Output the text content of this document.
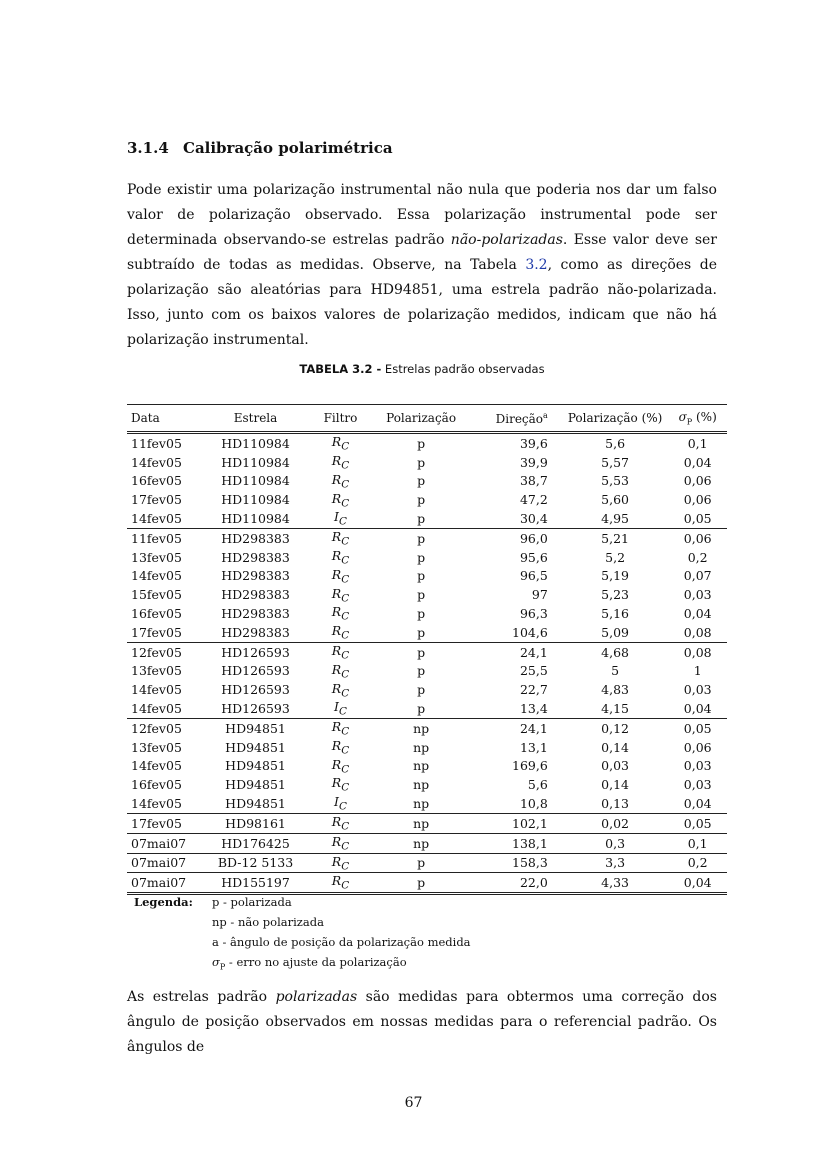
3.1.4 Calibração polarimétrica

Pode existir uma polarização instrumental não nula que poderia nos dar um falso valor de polarização observado. Essa polarização instrumental pode ser determinada observando-se estrelas padrão não-polarizadas. Esse valor deve ser subtraído de todas as medidas. Observe, na Tabela 3.2, como as direções de polarização são aleatórias para HD94851, uma estrela padrão não-polarizada. Isso, junto com os baixos valores de polarização medidos, indicam que não há polarização instrumental.

TABELA 3.2 - Estrelas padrão observadas
Data	Estrela	Filtro	Polarização	Direção$^a$	Polarização (%)	$\sigma_P$ (%)
11fev05	HD110984	$R_C$	p	39,6	5,6	0,1
14fev05	HD110984	$R_C$	p	39,9	5,57	0,04
16fev05	HD110984	$R_C$	p	38,7	5,53	0,06
17fev05	HD110984	$R_C$	p	47,2	5,60	0,06
14fev05	HD110984	$I_C$	p	30,4	4,95	0,05
11fev05	HD298383	$R_C$	p	96,0	5,21	0,06
13fev05	HD298383	$R_C$	p	95,6	5,2	0,2
14fev05	HD298383	$R_C$	p	96,5	5,19	0,07
15fev05	HD298383	$R_C$	p	97	5,23	0,03
16fev05	HD298383	$R_C$	p	96,3	5,16	0,04
17fev05	HD298383	$R_C$	p	104,6	5,09	0,08
12fev05	HD126593	$R_C$	p	24,1	4,68	0,08
13fev05	HD126593	$R_C$	p	25,5	5	1
14fev05	HD126593	$R_C$	p	22,7	4,83	0,03
14fev05	HD126593	$I_C$	p	13,4	4,15	0,04
12fev05	HD94851	$R_C$	np	24,1	0,12	0,05
13fev05	HD94851	$R_C$	np	13,1	0,14	0,06
14fev05	HD94851	$R_C$	np	169,6	0,03	0,03
16fev05	HD94851	$R_C$	np	5,6	0,14	0,03
14fev05	HD94851	$I_C$	np	10,8	0,13	0,04
17fev05	HD98161	$R_C$	np	102,1	0,02	0,05
07mai07	HD176425	$R_C$	np	138,1	0,3	0,1
07mai07	BD-12 5133	$R_C$	p	158,3	3,3	0,2
07mai07	HD155197	$R_C$	p	22,0	4,33	0,04
Legenda: p - polarizada
np - não polarizada
a - ângulo de posição da polarização medida
$\sigma_P$ - erro no ajuste da polarização

As estrelas padrão polarizadas são medidas para obtermos uma correção dos ângulo de posição observados em nossas medidas para o referencial padrão. Os ângulos de

67
